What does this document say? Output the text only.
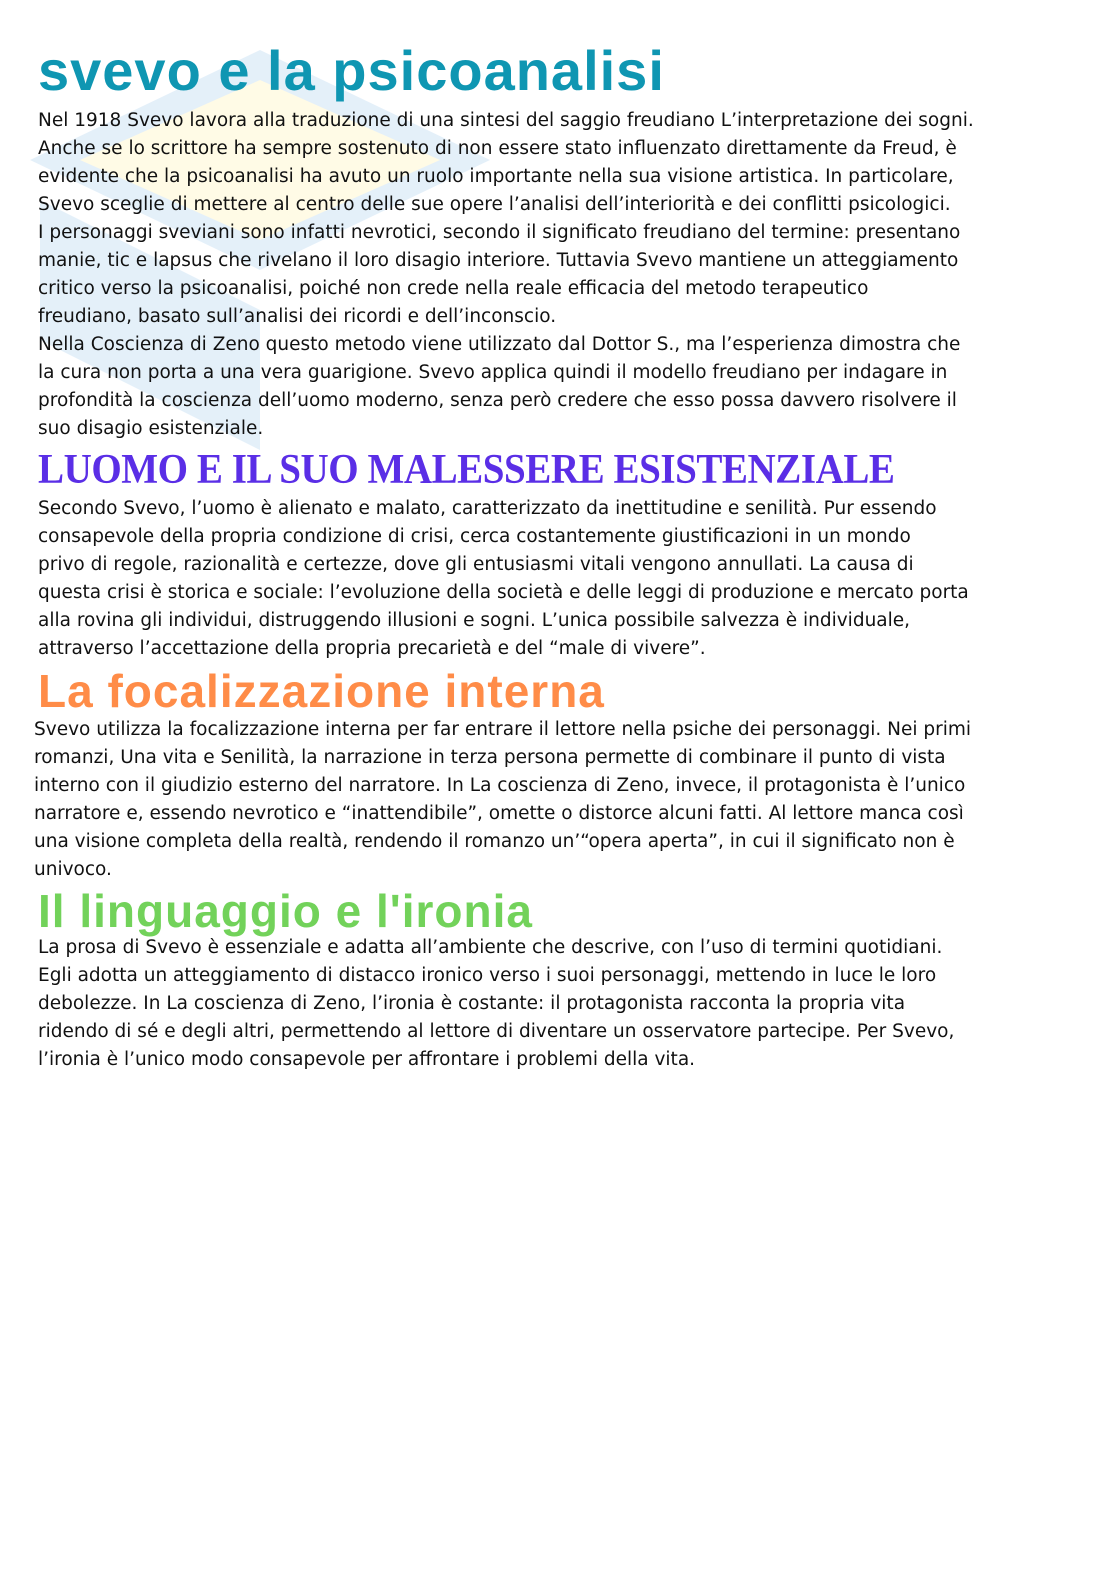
svevo e la psicoanalisi
Nel 1918 Svevo lavora alla traduzione di una sintesi del saggio freudiano L’interpretazione dei sogni.
Anche se lo scrittore ha sempre sostenuto di non essere stato influenzato direttamente da Freud, è
evidente che la psicoanalisi ha avuto un ruolo importante nella sua visione artistica. In particolare,
Svevo sceglie di mettere al centro delle sue opere l’analisi dell’interiorità e dei conflitti psicologici.
I personaggi sveviani sono infatti nevrotici, secondo il significato freudiano del termine: presentano
manie, tic e lapsus che rivelano il loro disagio interiore. Tuttavia Svevo mantiene un atteggiamento
critico verso la psicoanalisi, poiché non crede nella reale efficacia del metodo terapeutico
freudiano, basato sull’analisi dei ricordi e dell’inconscio.
Nella Coscienza di Zeno questo metodo viene utilizzato dal Dottor S., ma l’esperienza dimostra che
la cura non porta a una vera guarigione. Svevo applica quindi il modello freudiano per indagare in
profondità la coscienza dell’uomo moderno, senza però credere che esso possa davvero risolvere il
suo disagio esistenziale.
LUOMO E IL SUO MALESSERE ESISTENZIALE
Secondo Svevo, l’uomo è alienato e malato, caratterizzato da inettitudine e senilità. Pur essendo
consapevole della propria condizione di crisi, cerca costantemente giustificazioni in un mondo
privo di regole, razionalità e certezze, dove gli entusiasmi vitali vengono annullati. La causa di
questa crisi è storica e sociale: l’evoluzione della società e delle leggi di produzione e mercato porta
alla rovina gli individui, distruggendo illusioni e sogni. L’unica possibile salvezza è individuale,
attraverso l’accettazione della propria precarietà e del “male di vivere”.
La focalizzazione interna
Svevo utilizza la focalizzazione interna per far entrare il lettore nella psiche dei personaggi. Nei primi
romanzi, Una vita e Senilità, la narrazione in terza persona permette di combinare il punto di vista
interno con il giudizio esterno del narratore. In La coscienza di Zeno, invece, il protagonista è l’unico
narratore e, essendo nevrotico e “inattendibile”, omette o distorce alcuni fatti. Al lettore manca così
una visione completa della realtà, rendendo il romanzo un’“opera aperta”, in cui il significato non è
univoco.
Il linguaggio e l'ironia
La prosa di Svevo è essenziale e adatta all’ambiente che descrive, con l’uso di termini quotidiani.
Egli adotta un atteggiamento di distacco ironico verso i suoi personaggi, mettendo in luce le loro
debolezze. In La coscienza di Zeno, l’ironia è costante: il protagonista racconta la propria vita
ridendo di sé e degli altri, permettendo al lettore di diventare un osservatore partecipe. Per Svevo,
l’ironia è l’unico modo consapevole per affrontare i problemi della vita.
